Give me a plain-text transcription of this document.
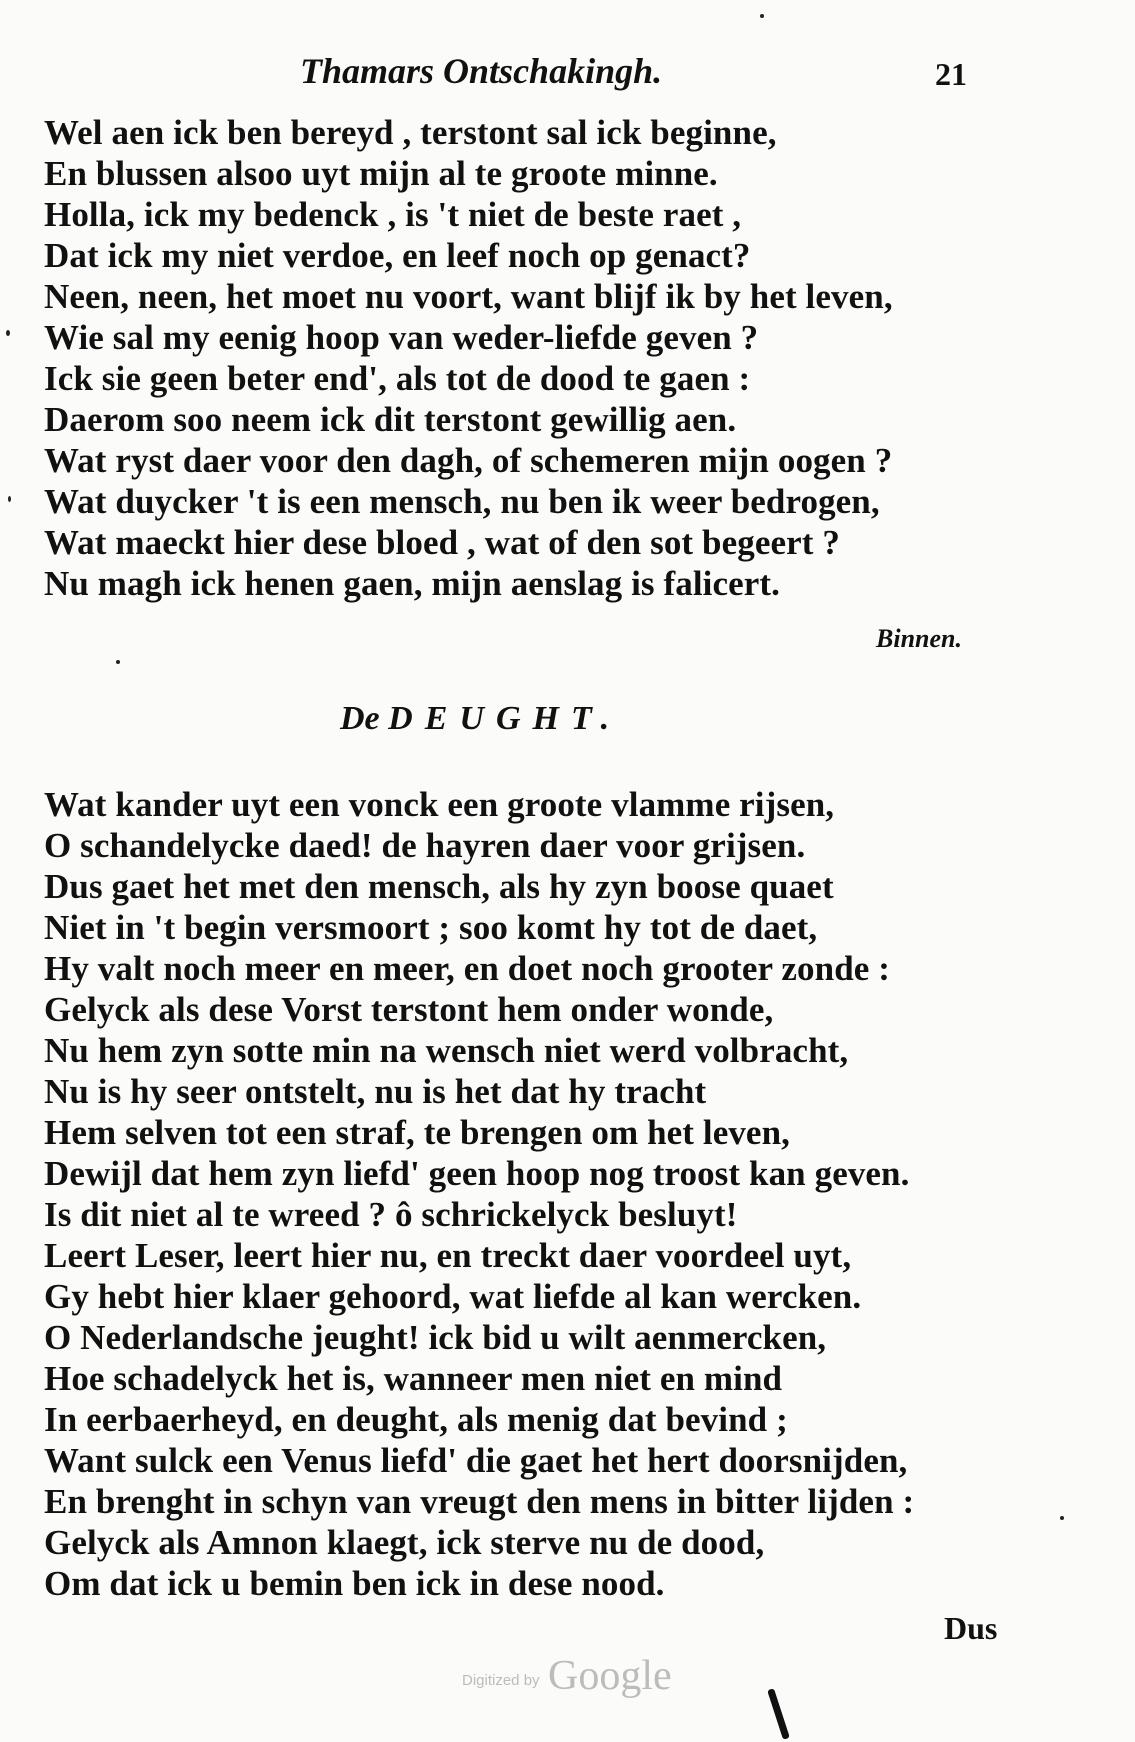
Thamars Ontschakingh.	21
Wel aen ick ben bereyd , terstont sal ick beginne,
En blussen alsoo uyt mijn al te groote minne.
Holla, ick my bedenck , is 't niet de beste raet ,
Dat ick my niet verdoe, en leef noch op genact?
Neen, neen, het moet nu voort, want blijf ik by het leven,
Wie sal my eenig hoop van weder-liefde geven ?
Ick sie geen beter end', als tot de dood te gaen :
Daerom soo neem ick dit terstont gewillig aen.
Wat ryst daer voor den dagh, of schemeren mijn oogen ?
Wat duycker 't is een mensch, nu ben ik weer bedrogen,
Wat maeckt hier dese bloed , wat of den sot begeert ?
Nu magh ick henen gaen, mijn aenslag is falicert.
Binnen.
De DEUGHT.
Wat kander uyt een vonck een groote vlamme rijsen,
O schandelycke daed! de hayren daer voor grijsen.
Dus gaet het met den mensch, als hy zyn boose quaet
Niet in 't begin versmoort ; soo komt hy tot de daet,
Hy valt noch meer en meer, en doet noch grooter zonde :
Gelyck als dese Vorst terstont hem onder wonde,
Nu hem zyn sotte min na wensch niet werd volbracht,
Nu is hy seer ontstelt, nu is het dat hy tracht
Hem selven tot een straf, te brengen om het leven,
Dewijl dat hem zyn liefd' geen hoop nog troost kan geven.
Is dit niet al te wreed ? ô schrickelyck besluyt!
Leert Leser, leert hier nu, en treckt daer voordeel uyt,
Gy hebt hier klaer gehoord, wat liefde al kan wercken.
O Nederlandsche jeught! ick bid u wilt aenmercken,
Hoe schadelyck het is, wanneer men niet en mind
In eerbaerheyd, en deught, als menig dat bevind ;
Want sulck een Venus liefd' die gaet het hert doorsnijden,
En brenght in schyn van vreugt den mens in bitter lijden :
Gelyck als Amnon klaegt, ick sterve nu de dood,
Om dat ick u bemin ben ick in dese nood.
Dus
Digitized by Google
